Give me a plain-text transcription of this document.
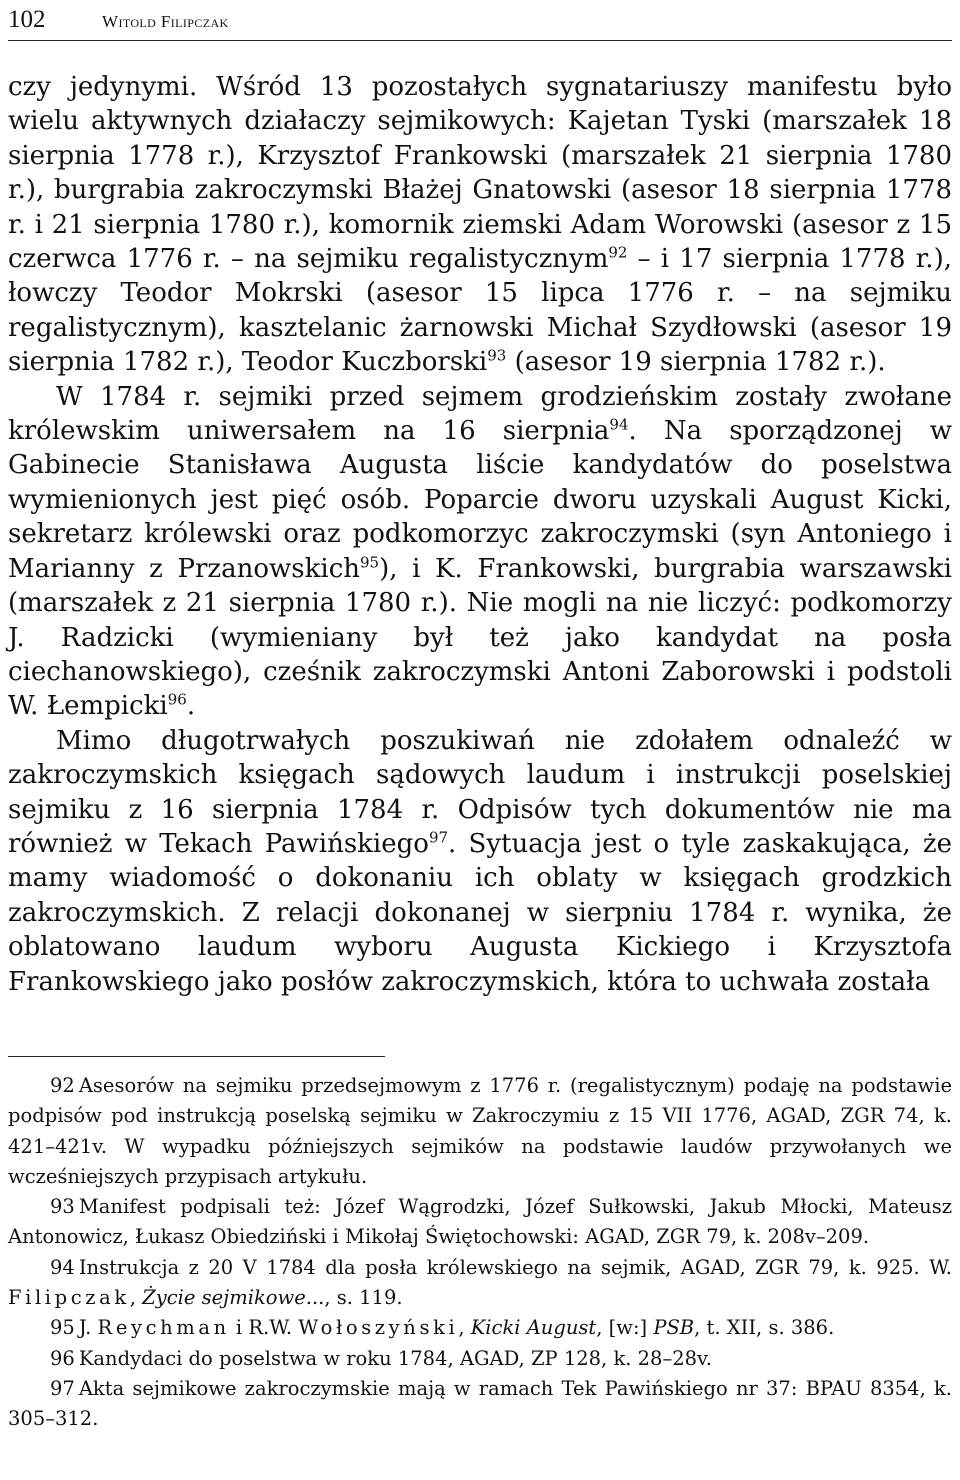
102	Witold Filipczak

czy jedynymi. Wśród 13 pozostałych sygnatariuszy manifestu było wielu aktywnych działaczy sejmikowych: Kajetan Tyski (marszałek 18 sierpnia 1778 r.), Krzysztof Frankowski (marszałek 21 sierpnia 1780 r.), burgrabia zakroczymski Błażej Gnatowski (asesor 18 sierpnia 1778 r. i 21 sierpnia 1780 r.), komornik ziemski Adam Worowski (asesor z 15 czerwca 1776 r. – na sejmiku regalistycznym$^{92}$ – i 17 sierpnia 1778 r.), łowczy Teodor Mokrski (asesor 15 lipca 1776 r. – na sejmiku regalistycznym), kasztelanic żarnowski Michał Szydłowski (asesor 19 sierpnia 1782 r.), Teodor Kuczborski$^{93}$ (asesor 19 sierpnia 1782 r.).

W 1784 r. sejmiki przed sejmem grodzieńskim zostały zwołane królewskim uniwersałem na 16 sierpnia$^{94}$. Na sporządzonej w Gabinecie Stanisława Augusta liście kandydatów do poselstwa wymienionych jest pięć osób. Poparcie dworu uzyskali August Kicki, sekretarz królewski oraz podkomorzyc zakroczymski (syn Antoniego i Marianny z Przanowskich$^{95}$), i K. Frankowski, burgrabia warszawski (marszałek z 21 sierpnia 1780 r.). Nie mogli na nie liczyć: podkomorzy J. Radzicki (wymieniany był też jako kandydat na posła ciechanowskiego), cześnik zakroczymski Antoni Zaborowski i podstoli W. Łempicki$^{96}$.

Mimo długotrwałych poszukiwań nie zdołałem odnaleźć w zakroczymskich księgach sądowych laudum i instrukcji poselskiej sejmiku z 16 sierpnia 1784 r. Odpisów tych dokumentów nie ma również w Tekach Pawińskiego$^{97}$. Sytuacja jest o tyle zaskakująca, że mamy wiadomość o dokonaniu ich oblaty w księgach grodzkich zakroczymskich. Z relacji dokonanej w sierpniu 1784 r. wynika, że oblatowano laudum wyboru Augusta Kickiego i Krzysztofa Frankowskiego jako posłów zakroczymskich, która to uchwała została

92 Asesorów na sejmiku przedsejmowym z 1776 r. (regalistycznym) podaję na podstawie podpisów pod instrukcją poselską sejmiku w Zakroczymiu z 15 VII 1776, AGAD, ZGR 74, k. 421–421v. W wypadku późniejszych sejmików na podstawie laudów przywołanych we wcześniejszych przypisach artykułu.

93 Manifest podpisali też: Józef Wągrodzki, Józef Sułkowski, Jakub Młocki, Mateusz Antonowicz, Łukasz Obiedziński i Mikołaj Świętochowski: AGAD, ZGR 79, k. 208v–209.

94 Instrukcja z 20 V 1784 dla posła królewskiego na sejmik, AGAD, ZGR 79, k. 925. W. Filipczak, Życie sejmikowe..., s. 119.

95 J. Reychman i R.W. Wołoszyński, Kicki August, [w:] PSB, t. XII, s. 386.

96 Kandydaci do poselstwa w roku 1784, AGAD, ZP 128, k. 28–28v.

97 Akta sejmikowe zakroczymskie mają w ramach Tek Pawińskiego nr 37: BPAU 8354, k. 305–312.
